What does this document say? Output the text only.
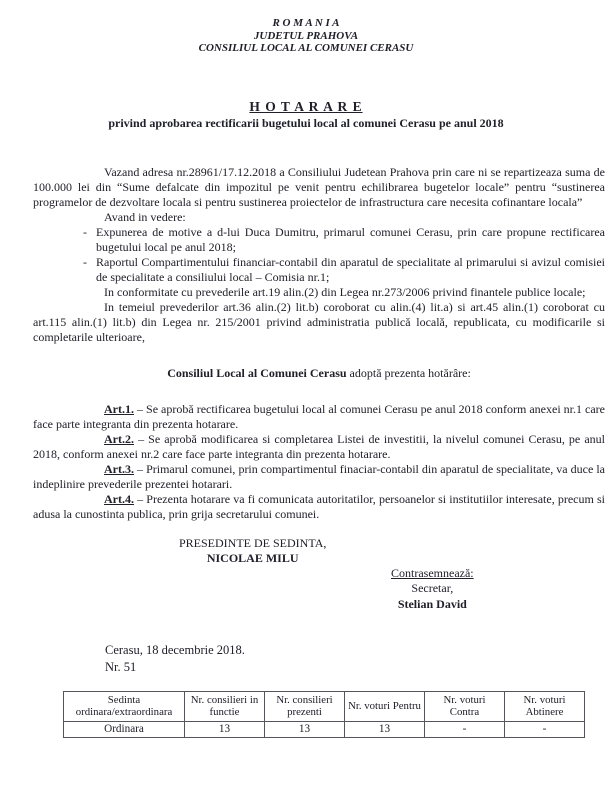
R O M A N I A
JUDETUL PRAHOVA
CONSILIUL LOCAL AL COMUNEI CERASU
H O T A R A R E
privind aprobarea rectificarii bugetului local al comunei Cerasu pe anul 2018

Vazand adresa nr.28961/17.12.2018 a Consiliului Judetean Prahova prin care ni se repartizeaza suma de 100.000 lei din “Sume defalcate din impozitul pe venit pentru echilibrarea bugetelor locale” pentru “sustinerea programelor de dezvoltare locala si pentru sustinerea proiectelor de infrastructura care necesita cofinantare locala”

Avand in vedere:

- Expunerea de motive a d-lui Duca Dumitru, primarul comunei Cerasu, prin care propune rectificarea bugetului local pe anul 2018;
- Raportul Compartimentului financiar-contabil din aparatul de specialitate al primarului si avizul comisiei de specialitate a consiliului local – Comisia nr.1;

In conformitate cu prevederile art.19 alin.(2) din Legea nr.273/2006 privind finantele publice locale;

In temeiul prevederilor art.36 alin.(2) lit.b) coroborat cu alin.(4) lit.a) si art.45 alin.(1) coroborat cu art.115 alin.(1) lit.b) din Legea nr. 215/2001 privind administratia publică locală, republicata, cu modificarile si completarile ulterioare,

Consiliul Local al Comunei Cerasu adoptă prezenta hotărâre:

Art.1. – Se aprobă rectificarea bugetului local al comunei Cerasu pe anul 2018 conform anexei nr.1 care face parte integranta din prezenta hotarare.

Art.2. – Se aprobă modificarea si completarea Listei de investitii, la nivelul comunei Cerasu, pe anul 2018, conform anexei nr.2 care face parte integranta din prezenta hotarare.

Art.3. – Primarul comunei, prin compartimentul finaciar-contabil din aparatul de specialitate, va duce la indeplinire prevederile prezentei hotarari.

Art.4. – Prezenta hotarare va fi comunicata autoritatilor, persoanelor si institutiilor interesate, precum si adusa la cunostinta publica, prin grija secretarului comunei.

PRESEDINTE DE SEDINTA,
NICOLAE MILU
Contrasemnează:
Secretar,
Stelian David
Cerasu, 18 decembrie 2018.
Nr. 51
Sedinta ordinara/extraordinara	Nr. consilieri in functie	Nr. consilieri prezenti	Nr. voturi Pentru	Nr. voturi Contra	Nr. voturi Abtinere
Ordinara	13	13	13	-	-
